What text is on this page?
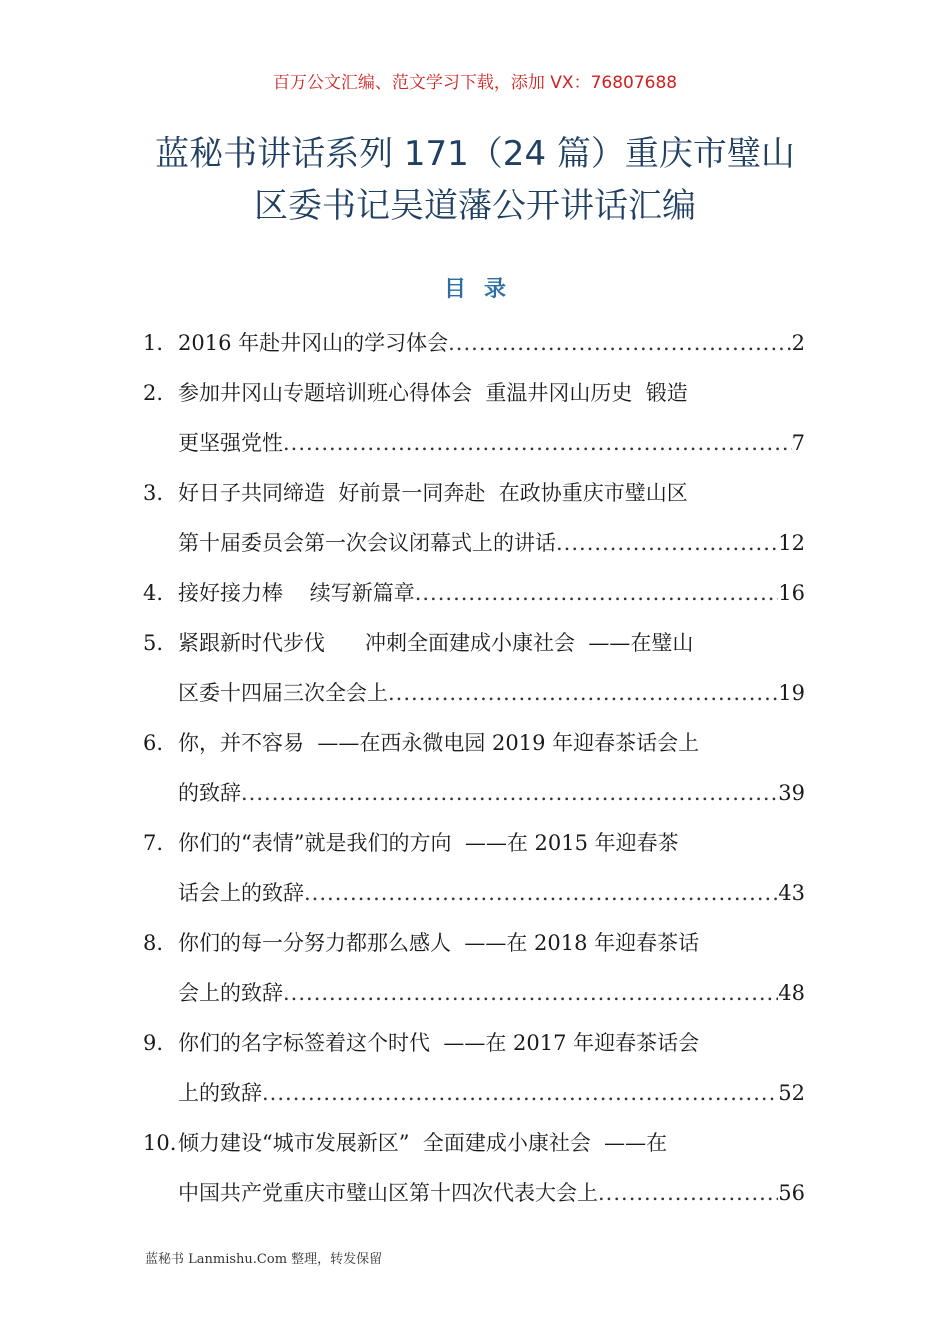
百万公文汇编、范文学习下载，添加 VX：76807688
蓝秘书讲话系列 171（24 篇）重庆市璧山
区委书记吴道藩公开讲话汇编
目录
1. 2016 年赴井冈山的学习体会 .....	2
2. 参加井冈山专题培训班心得体会  重温井冈山历史  锻造
更坚强党性 .....	7
3. 好日子共同缔造  好前景一同奔赴  在政协重庆市璧山区
第十届委员会第一次会议闭幕式上的讲话 .....	12
4. 接好接力棒    续写新篇章 .....	16
5. 紧跟新时代步伐      冲刺全面建成小康社会  ——在璧山
区委十四届三次全会上 .....	19
6. 你，并不容易  ——在西永微电园 2019 年迎春茶话会上
的致辞 .....	39
7. 你们的“表情”就是我们的方向  ——在 2015 年迎春茶
话会上的致辞 .....	43
8. 你们的每一分努力都那么感人  ——在 2018 年迎春茶话
会上的致辞 .....	48
9. 你们的名字标签着这个时代  ——在 2017 年迎春茶话会
上的致辞 .....	52
10. 倾力建设“城市发展新区”  全面建成小康社会  ——在
中国共产党重庆市璧山区第十四次代表大会上 .....	56
蓝秘书 Lanmishu.Com 整理，转发保留
